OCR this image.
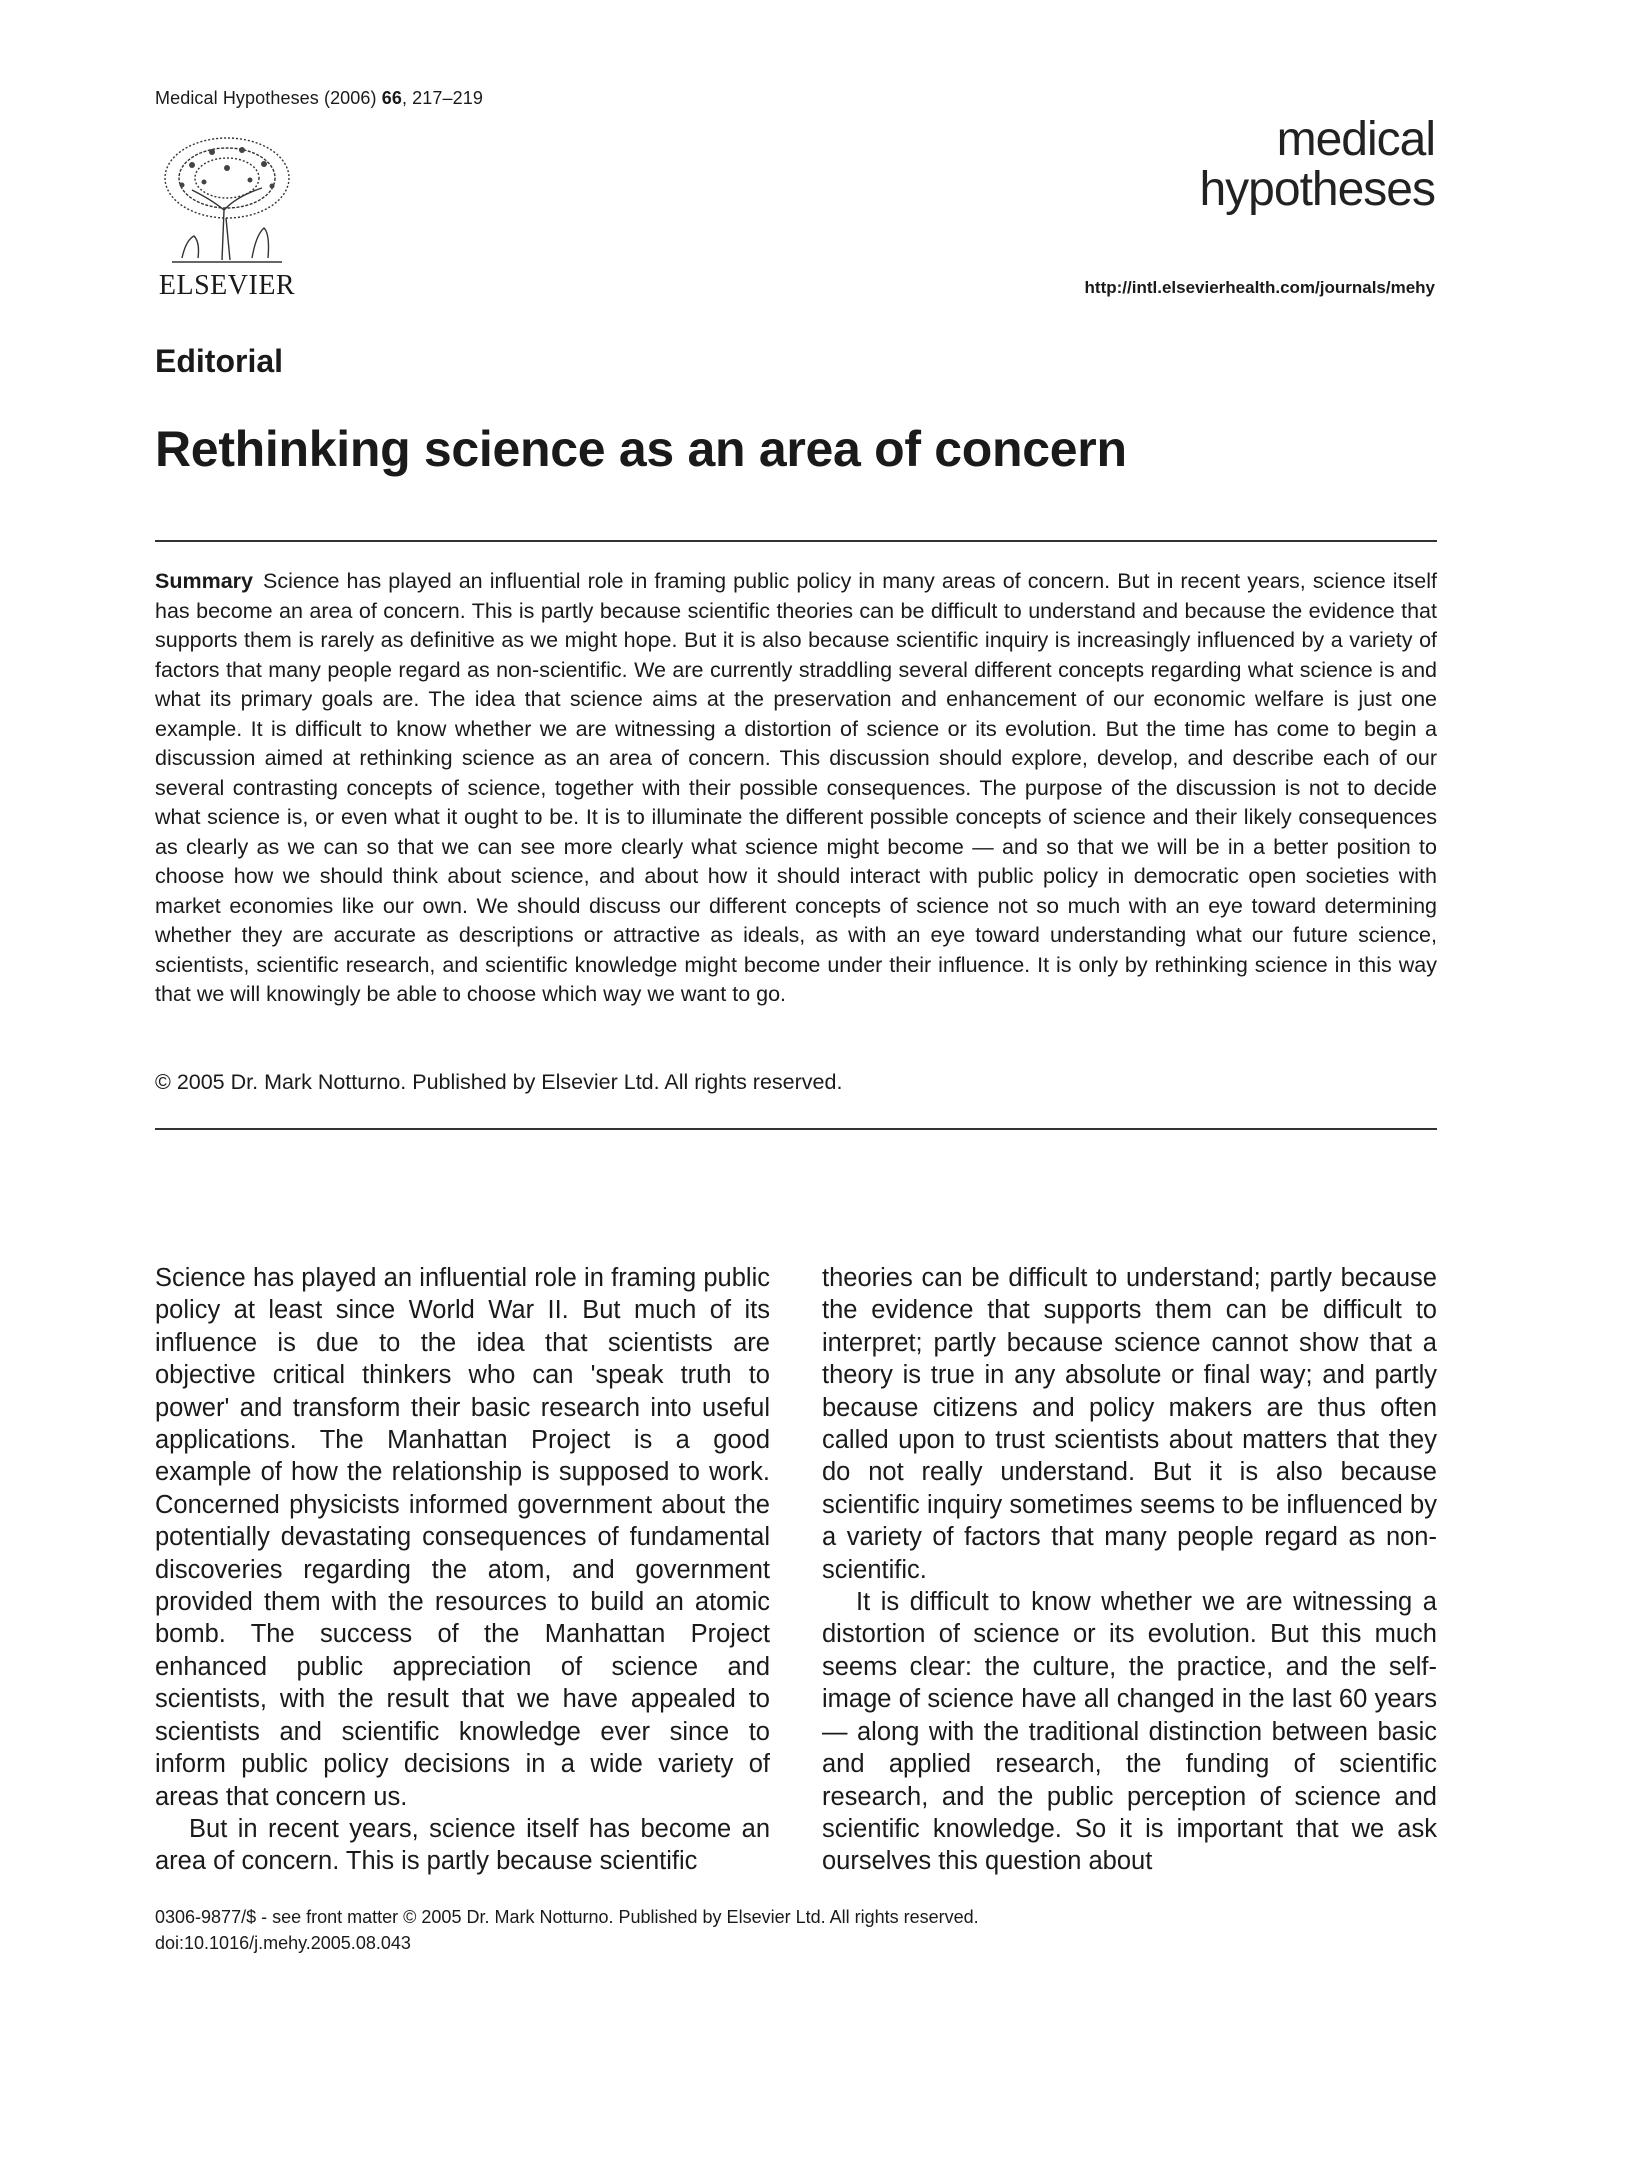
Medical Hypotheses (2006) 66, 217–219
ELSEVIER
medical
hypotheses
http://intl.elsevierhealth.com/journals/mehy
Editorial
Rethinking science as an area of concern
Summary Science has played an influential role in framing public policy in many areas of concern. But in recent years, science itself has become an area of concern. This is partly because scientific theories can be difficult to understand and because the evidence that supports them is rarely as definitive as we might hope. But it is also because scientific inquiry is increasingly influenced by a variety of factors that many people regard as non-scientific. We are currently straddling several different concepts regarding what science is and what its primary goals are. The idea that science aims at the preservation and enhancement of our economic welfare is just one example. It is difficult to know whether we are witnessing a distortion of science or its evolution. But the time has come to begin a discussion aimed at rethinking science as an area of concern. This discussion should explore, develop, and describe each of our several contrasting concepts of science, together with their possible consequences. The purpose of the discussion is not to decide what science is, or even what it ought to be. It is to illuminate the different possible concepts of science and their likely consequences as clearly as we can so that we can see more clearly what science might become — and so that we will be in a better position to choose how we should think about science, and about how it should interact with public policy in democratic open societies with market economies like our own. We should discuss our different concepts of science not so much with an eye toward determining whether they are accurate as descriptions or attractive as ideals, as with an eye toward understanding what our future science, scientists, scientific research, and scientific knowledge might become under their influence. It is only by rethinking science in this way that we will knowingly be able to choose which way we want to go.
© 2005 Dr. Mark Notturno. Published by Elsevier Ltd. All rights reserved.

Science has played an influential role in framing public policy at least since World War II. But much of its influence is due to the idea that scientists are objective critical thinkers who can 'speak truth to power' and transform their basic research into useful applications. The Manhattan Project is a good example of how the relationship is supposed to work. Concerned physicists informed government about the potentially devastating consequences of fundamental discoveries regarding the atom, and government provided them with the resources to build an atomic bomb. The success of the Manhattan Project enhanced public appreciation of science and scientists, with the result that we have appealed to scientists and scientific knowledge ever since to inform public policy decisions in a wide variety of areas that concern us.

But in recent years, science itself has become an area of concern. This is partly because scientific

theories can be difficult to understand; partly because the evidence that supports them can be difficult to interpret; partly because science cannot show that a theory is true in any absolute or final way; and partly because citizens and policy makers are thus often called upon to trust scientists about matters that they do not really understand. But it is also because scientific inquiry sometimes seems to be influenced by a variety of factors that many people regard as non-scientific.

It is difficult to know whether we are witnessing a distortion of science or its evolution. But this much seems clear: the culture, the practice, and the self-image of science have all changed in the last 60 years — along with the traditional distinction between basic and applied research, the funding of scientific research, and the public perception of science and scientific knowledge. So it is important that we ask ourselves this question about

0306-9877/$ - see front matter © 2005 Dr. Mark Notturno. Published by Elsevier Ltd. All rights reserved.
doi:10.1016/j.mehy.2005.08.043
